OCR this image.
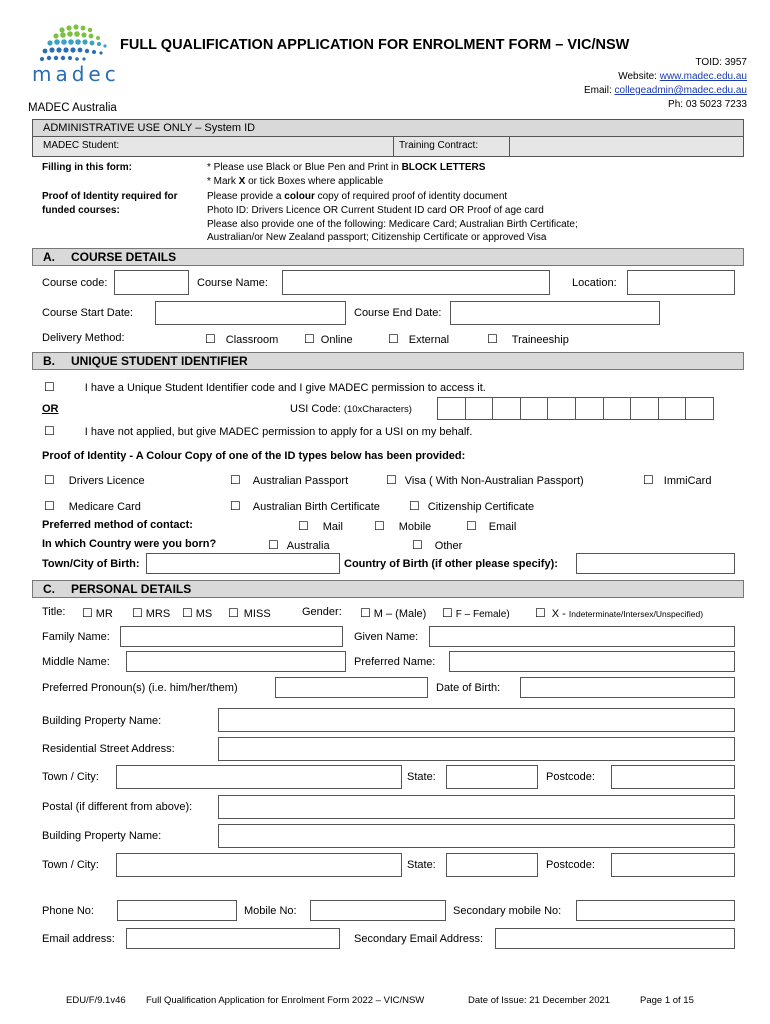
madec
FULL QUALIFICATION APPLICATION FOR ENROLMENT FORM – VIC/NSW
TOID: 3957
Website: www.madec.edu.au
Email: collegeadmin@madec.edu.au
Ph: 03 5023 7233
MADEC Australia
ADMINISTRATIVE USE ONLY – System ID
MADEC Student:	Training Contract:
Filling in this form:	* Please use Black or Blue Pen and Print in BLOCK LETTERS
* Mark X or tick Boxes where applicable
Proof of Identity required for
funded courses:
Please provide a colour copy of required proof of identity document
Photo ID: Drivers Licence OR Current Student ID card OR Proof of age card
Please also provide one of the following: Medicare Card; Australian Birth Certificate;
Australian/or New Zealand passport; Citizenship Certificate or approved Visa
A. COURSE DETAILS
Course code:	Course Name:	Location:
Course Start Date:	Course End Date:
Delivery Method:	☐ Classroom ☐ Online	☐ External	☐ Traineeship
B. UNIQUE STUDENT IDENTIFIER
☐	I have a Unique Student Identifier code and I give MADEC permission to access it.
OR	USI Code: (10xCharacters)
☐	I have not applied, but give MADEC permission to apply for a USI on my behalf.
Proof of Identity - A Colour Copy of one of the ID types below has been provided:
☐ Drivers Licence	☐ Australian Passport	☐ Visa ( With Non-Australian Passport)	☐ ImmiCard
☐ Medicare Card	☐ Australian Birth Certificate ☐ Citizenship Certificate
Preferred method of contact:	☐ Mail	☐ Mobile	☐ Email
In which Country were you born?	☐ Australia	☐ Other
Town/City of Birth:	Country of Birth (if other please specify):
C. PERSONAL DETAILS
Title: ☐ MR ☐ MRS ☐ MS ☐ MISS	Gender: ☐ M – (Male) ☐ F – Female) ☐ X - Indeterminate/Intersex/Unspecified)
Family Name:	Given Name:
Middle Name:	Preferred Name:
Preferred Pronoun(s) (i.e. him/her/them)	Date of Birth:
Building Property Name:
Residential Street Address:
Town / City:	State:	Postcode:
Postal (if different from above):
Building Property Name:
Town / City:	State:	Postcode:
Phone No:	Mobile No:	Secondary mobile No:
Email address:	Secondary Email Address:
EDU/F/9.1v46 Full Qualification Application for Enrolment Form 2022 – VIC/NSW	Date of Issue: 21 December 2021	Page 1 of 15
